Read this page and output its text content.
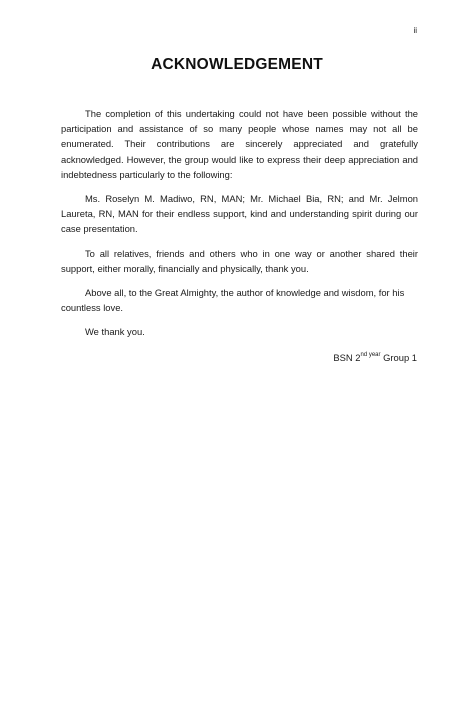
ii
ACKNOWLEDGEMENT

The completion of this undertaking could not have been possible without the participation and assistance of so many people whose names may not all be enumerated. Their contributions are sincerely appreciated and gratefully acknowledged. However, the group would like to express their deep appreciation and indebtedness particularly to the following:

Ms. Roselyn M. Madiwo, RN, MAN; Mr. Michael Bia, RN; and Mr. Jelmon Laureta, RN, MAN for their endless support, kind and understanding spirit during our case presentation.

To all relatives, friends and others who in one way or another shared their support, either morally, financially and physically, thank you.

Above all, to the Great Almighty, the author of knowledge and wisdom, for his countless love.

We thank you.

BSN $2^{nd year}$ Group 1
